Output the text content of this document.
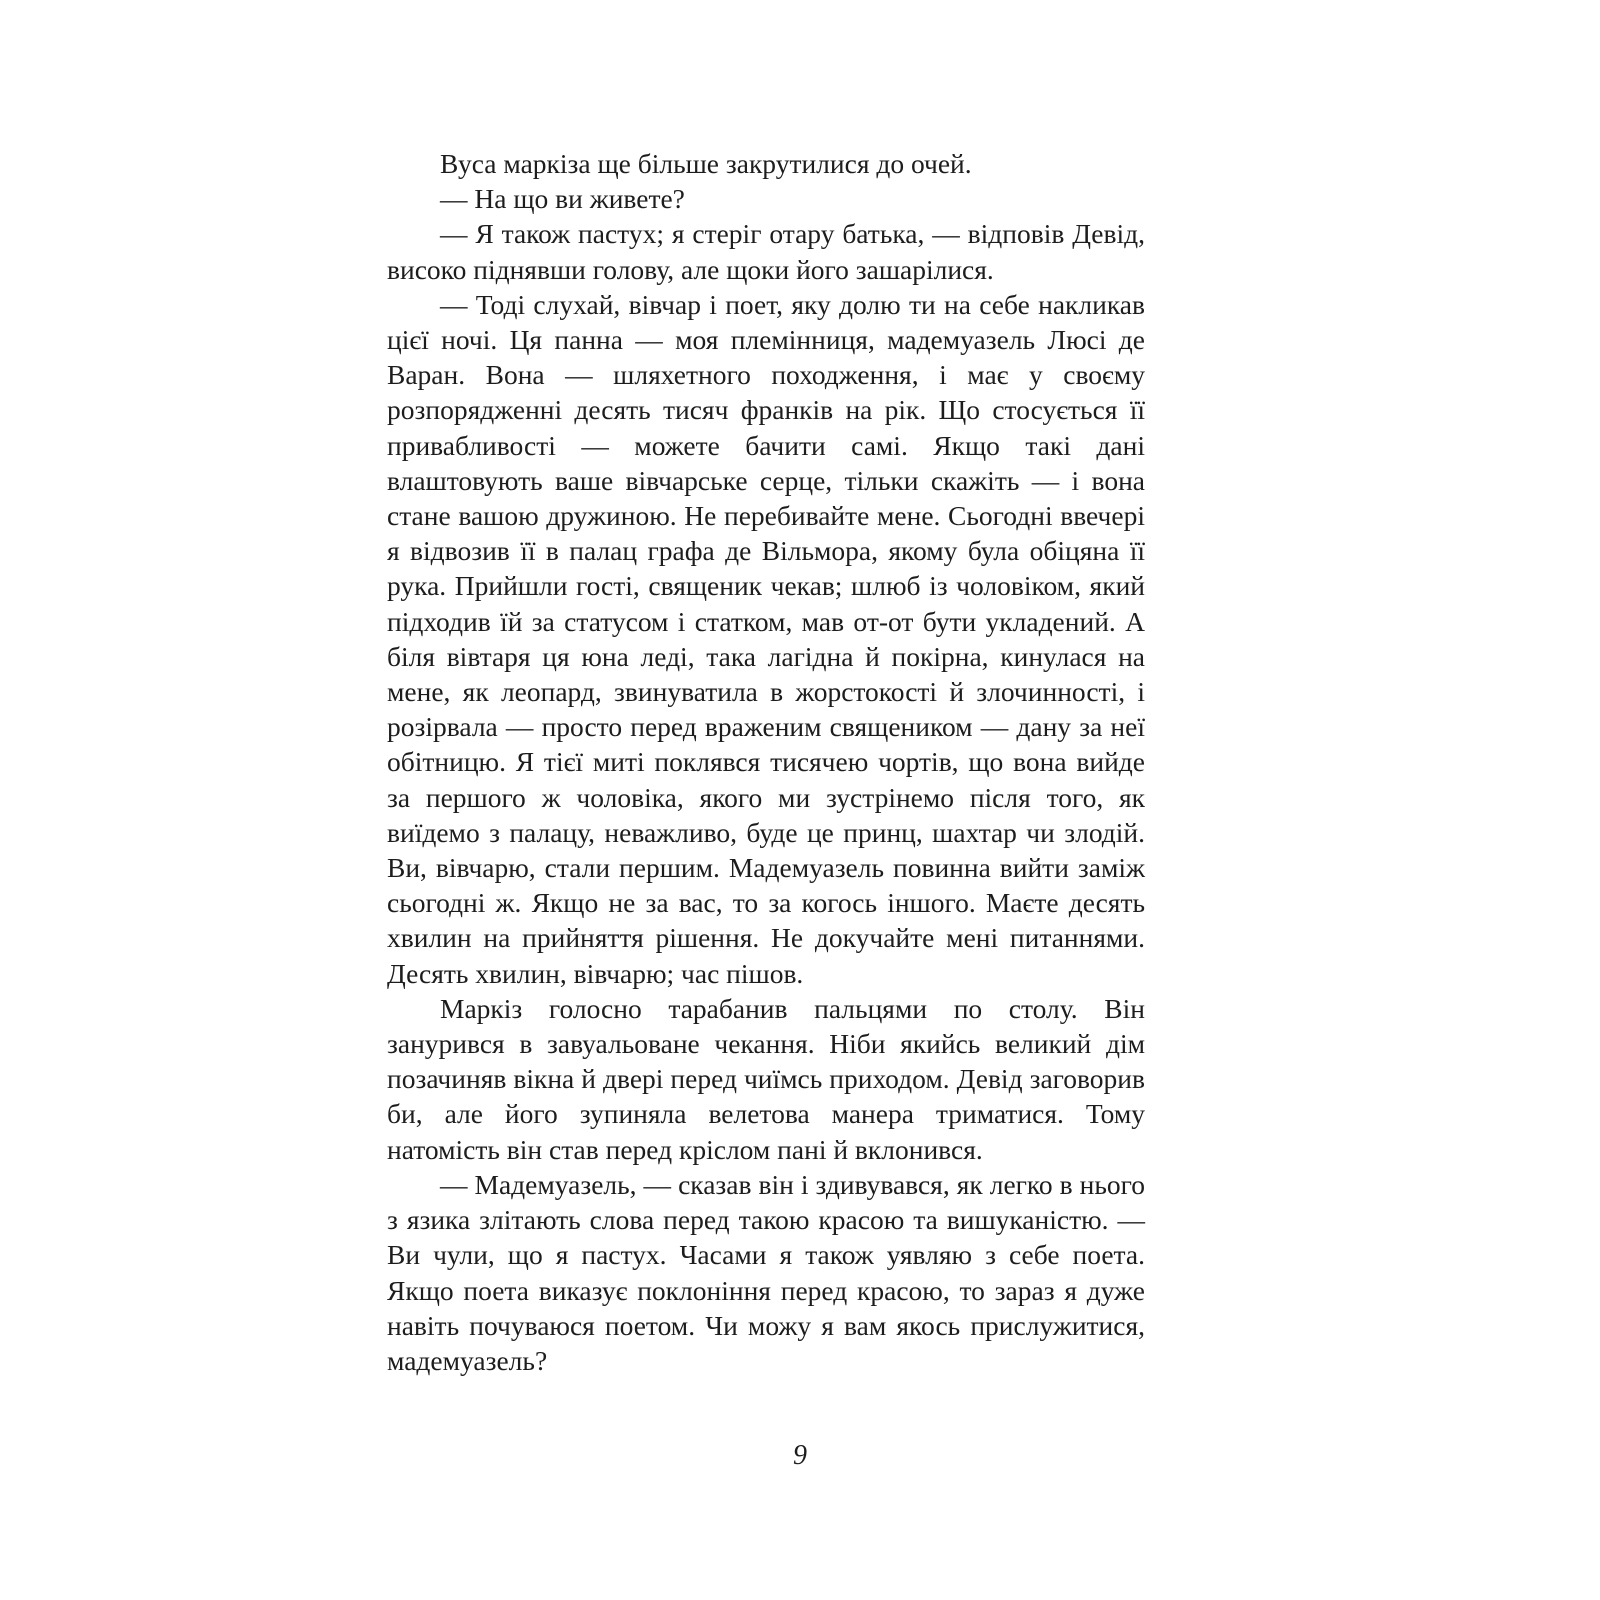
Вуса маркіза ще більше закрутилися до очей.

— На що ви живете?

— Я також пастух; я стеріг отару батька, — відповів Девід, високо піднявши голову, але щоки його зашарілися.

— Тоді слухай, вівчар і поет, яку долю ти на себе накликав цієї ночі. Ця панна — моя племінниця, мадемуазель Люсі де Варан. Вона — шляхетного походження, і має у своєму розпорядженні десять тисяч франків на рік. Що стосується її привабливості — можете бачити самі. Якщо такі дані влаштовують ваше вівчарське серце, тільки скажіть — і вона стане вашою дружиною. Не перебивайте мене. Сьогодні ввечері я відвозив її в палац графа де Вільмора, якому була обіцяна її рука. Прийшли гості, священик чекав; шлюб із чоловіком, який підходив їй за статусом і статком, мав от-от бути укладений. А біля вівтаря ця юна леді, така лагідна й покірна, кинулася на мене, як леопард, звинуватила в жорстокості й злочинності, і розірвала — просто перед враженим священиком — дану за неї обітницю. Я тієї миті поклявся тисячею чортів, що вона вийде за першого ж чоловіка, якого ми зустрінемо після того, як виїдемо з палацу, неважливо, буде це принц, шахтар чи злодій. Ви, вівчарю, стали першим. Мадемуазель повинна вийти заміж сьогодні ж. Якщо не за вас, то за когось іншого. Маєте десять хвилин на прийняття рішення. Не докучайте мені питаннями. Десять хвилин, вівчарю; час пішов.

Маркіз голосно тарабанив пальцями по столу. Він занурився в завуальоване чекання. Ніби якийсь великий дім позачиняв вікна й двері перед чиїмсь приходом. Девід заговорив би, але його зупиняла велетова манера триматися. Тому натомість він став перед кріслом пані й вклонився.

— Мадемуазель, — сказав він і здивувався, як легко в нього з язика злітають слова перед такою красою та вишуканістю. — Ви чули, що я пастух. Часами я також уявляю з себе поета. Якщо поета виказує поклоніння перед красою, то зараз я дуже навіть почуваюся поетом. Чи можу я вам якось прислужитися, мадемуазель?

9
